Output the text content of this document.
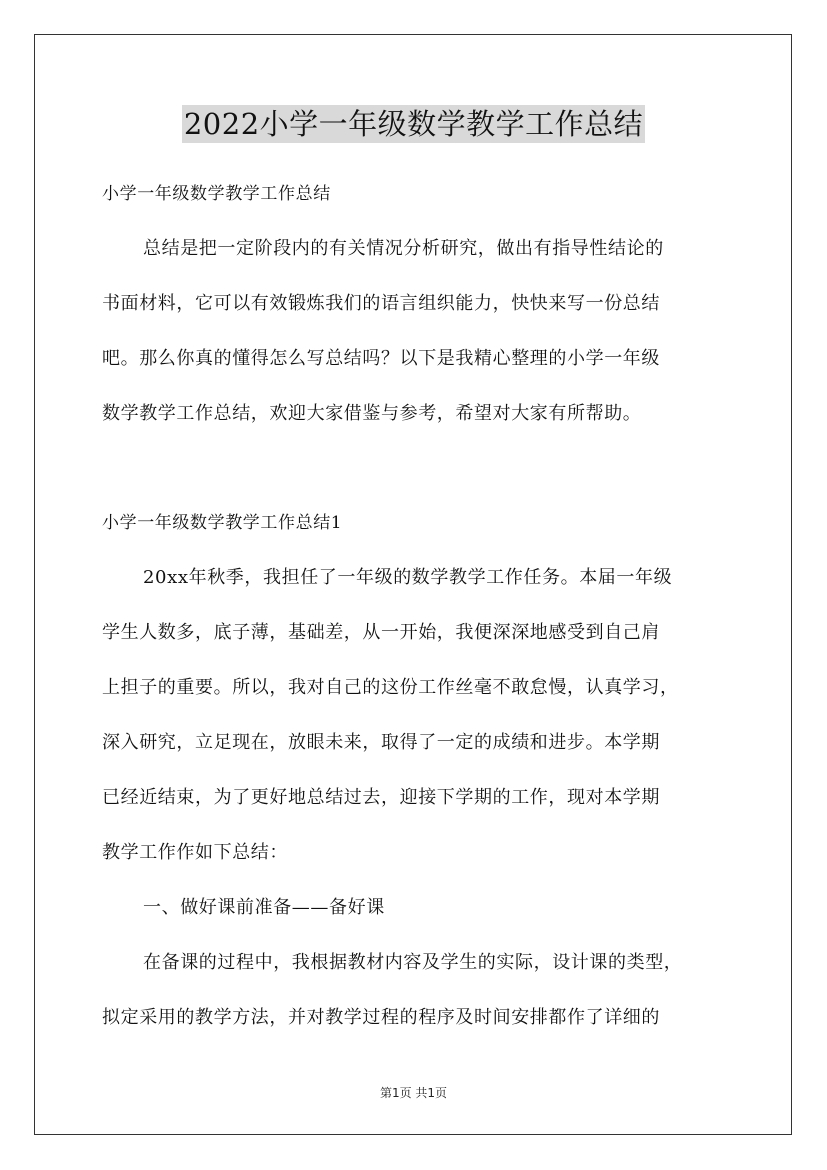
2022小学一年级数学教学工作总结

小学一年级数学教学工作总结

总结是把一定阶段内的有关情况分析研究，做出有指导性结论的

书面材料，它可以有效锻炼我们的语言组织能力，快快来写一份总结

吧。那么你真的懂得怎么写总结吗？以下是我精心整理的小学一年级

数学教学工作总结，欢迎大家借鉴与参考，希望对大家有所帮助。

小学一年级数学教学工作总结1

20xx年秋季，我担任了一年级的数学教学工作任务。本届一年级

学生人数多，底子薄，基础差，从一开始，我便深深地感受到自己肩

上担子的重要。所以，我对自己的这份工作丝毫不敢怠慢，认真学习，

深入研究，立足现在，放眼未来，取得了一定的成绩和进步。本学期

已经近结束，为了更好地总结过去，迎接下学期的工作，现对本学期

教学工作作如下总结：

一、做好课前准备——备好课

在备课的过程中，我根据教材内容及学生的实际，设计课的类型，

拟定采用的教学方法，并对教学过程的程序及时间安排都作了详细的

第1页 共1页
